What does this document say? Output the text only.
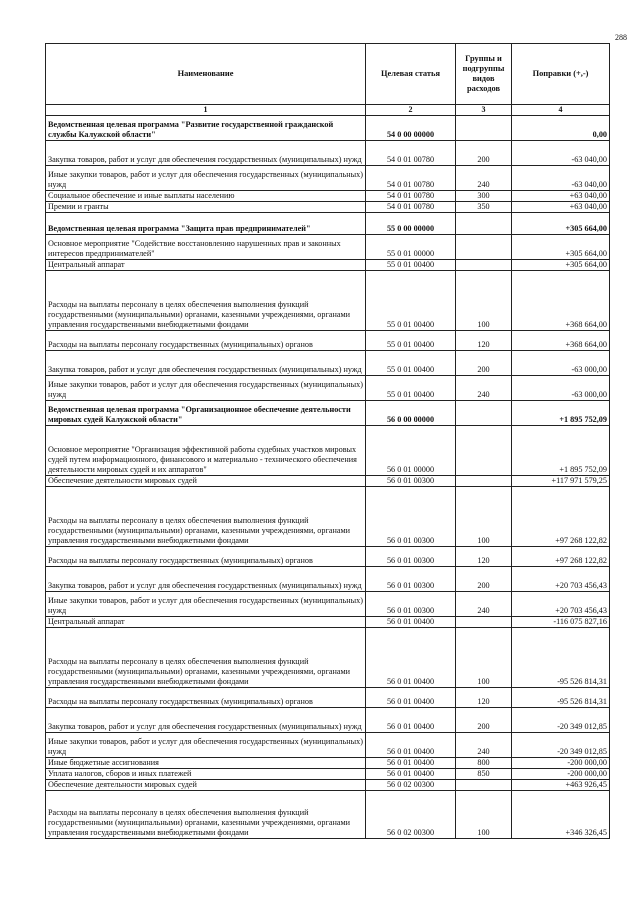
288
Наименование	Целевая статья	Группы и подгруппы видов расходов	Поправки (+,-)
1	2	3	4
Ведомственная целевая программа "Развитие государственной гражданской службы Калужской области"	54 0 00 00000		0,00
Закупка товаров, работ и услуг для обеспечения государственных (муниципальных) нужд	54 0 01 00780	200	-63 040,00
Иные закупки товаров, работ и услуг для обеспечения государственных (муниципальных) нужд	54 0 01 00780	240	-63 040,00
Социальное обеспечение и иные выплаты населению	54 0 01 00780	300	+63 040,00
Премии и гранты	54 0 01 00780	350	+63 040,00
Ведомственная целевая программа "Защита прав предпринимателей"	55 0 00 00000		+305 664,00
Основное мероприятие "Содействие восстановлению нарушенных прав и законных интересов предпринимателей"	55 0 01 00000		+305 664,00
Центральный аппарат	55 0 01 00400		+305 664,00
Расходы на выплаты персоналу в целях обеспечения выполнения функций государственными (муниципальными) органами, казенными учреждениями, органами управления государственными внебюджетными фондами	55 0 01 00400	100	+368 664,00
Расходы на выплаты персоналу государственных (муниципальных) органов	55 0 01 00400	120	+368 664,00
Закупка товаров, работ и услуг для обеспечения государственных (муниципальных) нужд	55 0 01 00400	200	-63 000,00
Иные закупки товаров, работ и услуг для обеспечения государственных (муниципальных) нужд	55 0 01 00400	240	-63 000,00
Ведомственная целевая программа "Организационное обеспечение деятельности мировых судей Калужской области"	56 0 00 00000		+1 895 752,09
Основное мероприятие "Организация эффективной работы судебных участков мировых судей путем информационного, финансового и материально - технического обеспечения деятельности мировых судей и их аппаратов"	56 0 01 00000		+1 895 752,09
Обеспечение деятельности мировых судей	56 0 01 00300		+117 971 579,25
Расходы на выплаты персоналу в целях обеспечения выполнения функций государственными (муниципальными) органами, казенными учреждениями, органами управления государственными внебюджетными фондами	56 0 01 00300	100	+97 268 122,82
Расходы на выплаты персоналу государственных (муниципальных) органов	56 0 01 00300	120	+97 268 122,82
Закупка товаров, работ и услуг для обеспечения государственных (муниципальных) нужд	56 0 01 00300	200	+20 703 456,43
Иные закупки товаров, работ и услуг для обеспечения государственных (муниципальных) нужд	56 0 01 00300	240	+20 703 456,43
Центральный аппарат	56 0 01 00400		-116 075 827,16
Расходы на выплаты персоналу в целях обеспечения выполнения функций государственными (муниципальными) органами, казенными учреждениями, органами управления государственными внебюджетными фондами	56 0 01 00400	100	-95 526 814,31
Расходы на выплаты персоналу государственных (муниципальных) органов	56 0 01 00400	120	-95 526 814,31
Закупка товаров, работ и услуг для обеспечения государственных (муниципальных) нужд	56 0 01 00400	200	-20 349 012,85
Иные закупки товаров, работ и услуг для обеспечения государственных (муниципальных) нужд	56 0 01 00400	240	-20 349 012,85
Иные бюджетные ассигнования	56 0 01 00400	800	-200 000,00
Уплата налогов, сборов и иных платежей	56 0 01 00400	850	-200 000,00
Обеспечение деятельности мировых судей	56 0 02 00300		+463 926,45
Расходы на выплаты персоналу в целях обеспечения выполнения функций государственными (муниципальными) органами, казенными учреждениями, органами управления государственными внебюджетными фондами	56 0 02 00300	100	+346 326,45
